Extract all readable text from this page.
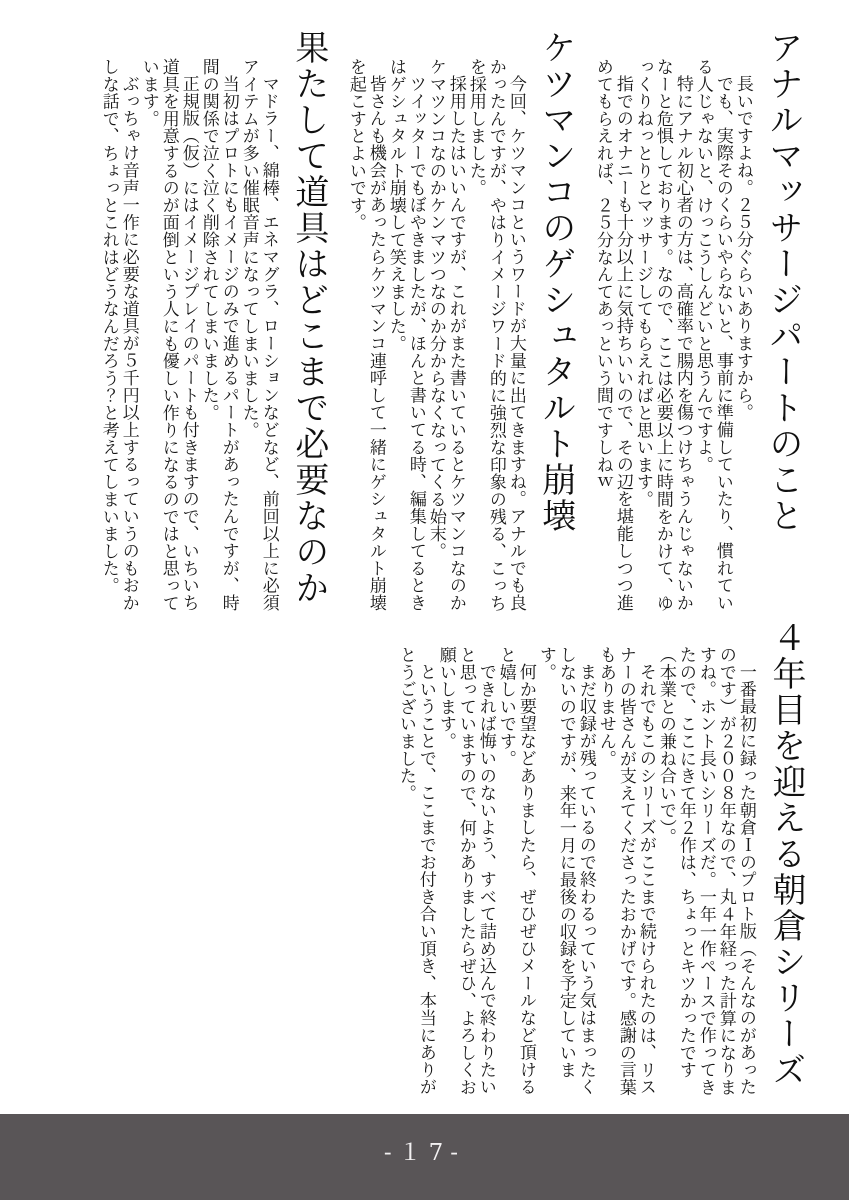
アナルマッサージパートのこと

長いですよね。２５分ぐらいありますから。

でも、実際そのくらいやらないと、事前に準備していたり、慣れている人じゃないと、けっこうしんどいと思うんですよ。

特にアナル初心者の方は、高確率で腸内を傷つけちゃうんじゃないかなーと危惧しております。なので、ここは必要以上に時間をかけて、ゆっくりねっとりとマッサージしてもらえればと思います。

指でのオナニーも十分以上に気持ちいいので、その辺を堪能しつつ進めてもらえれば、２５分なんてあっという間ですしねｗ

ケツマンコのゲシュタルト崩壊

今回、ケツマンコというワードが大量に出てきますね。アナルでも良かったんですが、やはりイメージワード的に強烈な印象の残る、こっちを採用しました。

採用したはいいんですが、これがまた書いているとケツマンコなのかケマツンコなのかケンマツつなのか分からなくなってくる始末。

ツイッターでもぼやきましたが、ほんと書いてる時、編集してるときはゲシュタルト崩壊して笑えました。

皆さんも機会があったらケツマンコ連呼して一緒にゲシュタルト崩壊を起こすとよいです。

果たして道具はどこまで必要なのか

マドラー、綿棒、エネマグラ、ローションなどなど、前回以上に必須アイテムが多い催眠音声になってしまいました。

当初はプロトにもイメージのみで進めるパートがあったんですが、時間の関係で泣く泣く削除されてしまいました。

正規版（仮）にはイメージプレイのパートも付きますので、いちいち道具を用意するのが面倒という人にも優しい作りになるのではと思っています。

ぶっちゃけ音声一作に必要な道具が５千円以上するっていうのもおかしな話で、ちょっとこれはどうなんだろう？と考えてしまいました。

４年目を迎える朝倉シリーズ

一番最初に録った朝倉Ｉのプロト版（そんなのがあったのです）が２００８年なので、丸４年経った計算になりますね。ホント長いシリーズだ。一年一作ペースで作ってきたので、ここにきて年２作は、ちょっとキツかったです（本業との兼ね合いで）。

それでもこのシリーズがここまで続けられたのは、リスナーの皆さんが支えてくださったおかげです。感謝の言葉もありません。

まだ収録が残っているので終わるっていう気はまったくしないのですが、来年一月に最後の収録を予定しています。

何か要望などありましたら、ぜひぜひメールなど頂けると嬉しいです。

できれば悔いのないよう、すべて詰め込んで終わりたいと思っていますので、何かありましたらぜひ、よろしくお願いします。

ということで、ここまでお付き合い頂き、本当にありがとうございました。

-１7-
